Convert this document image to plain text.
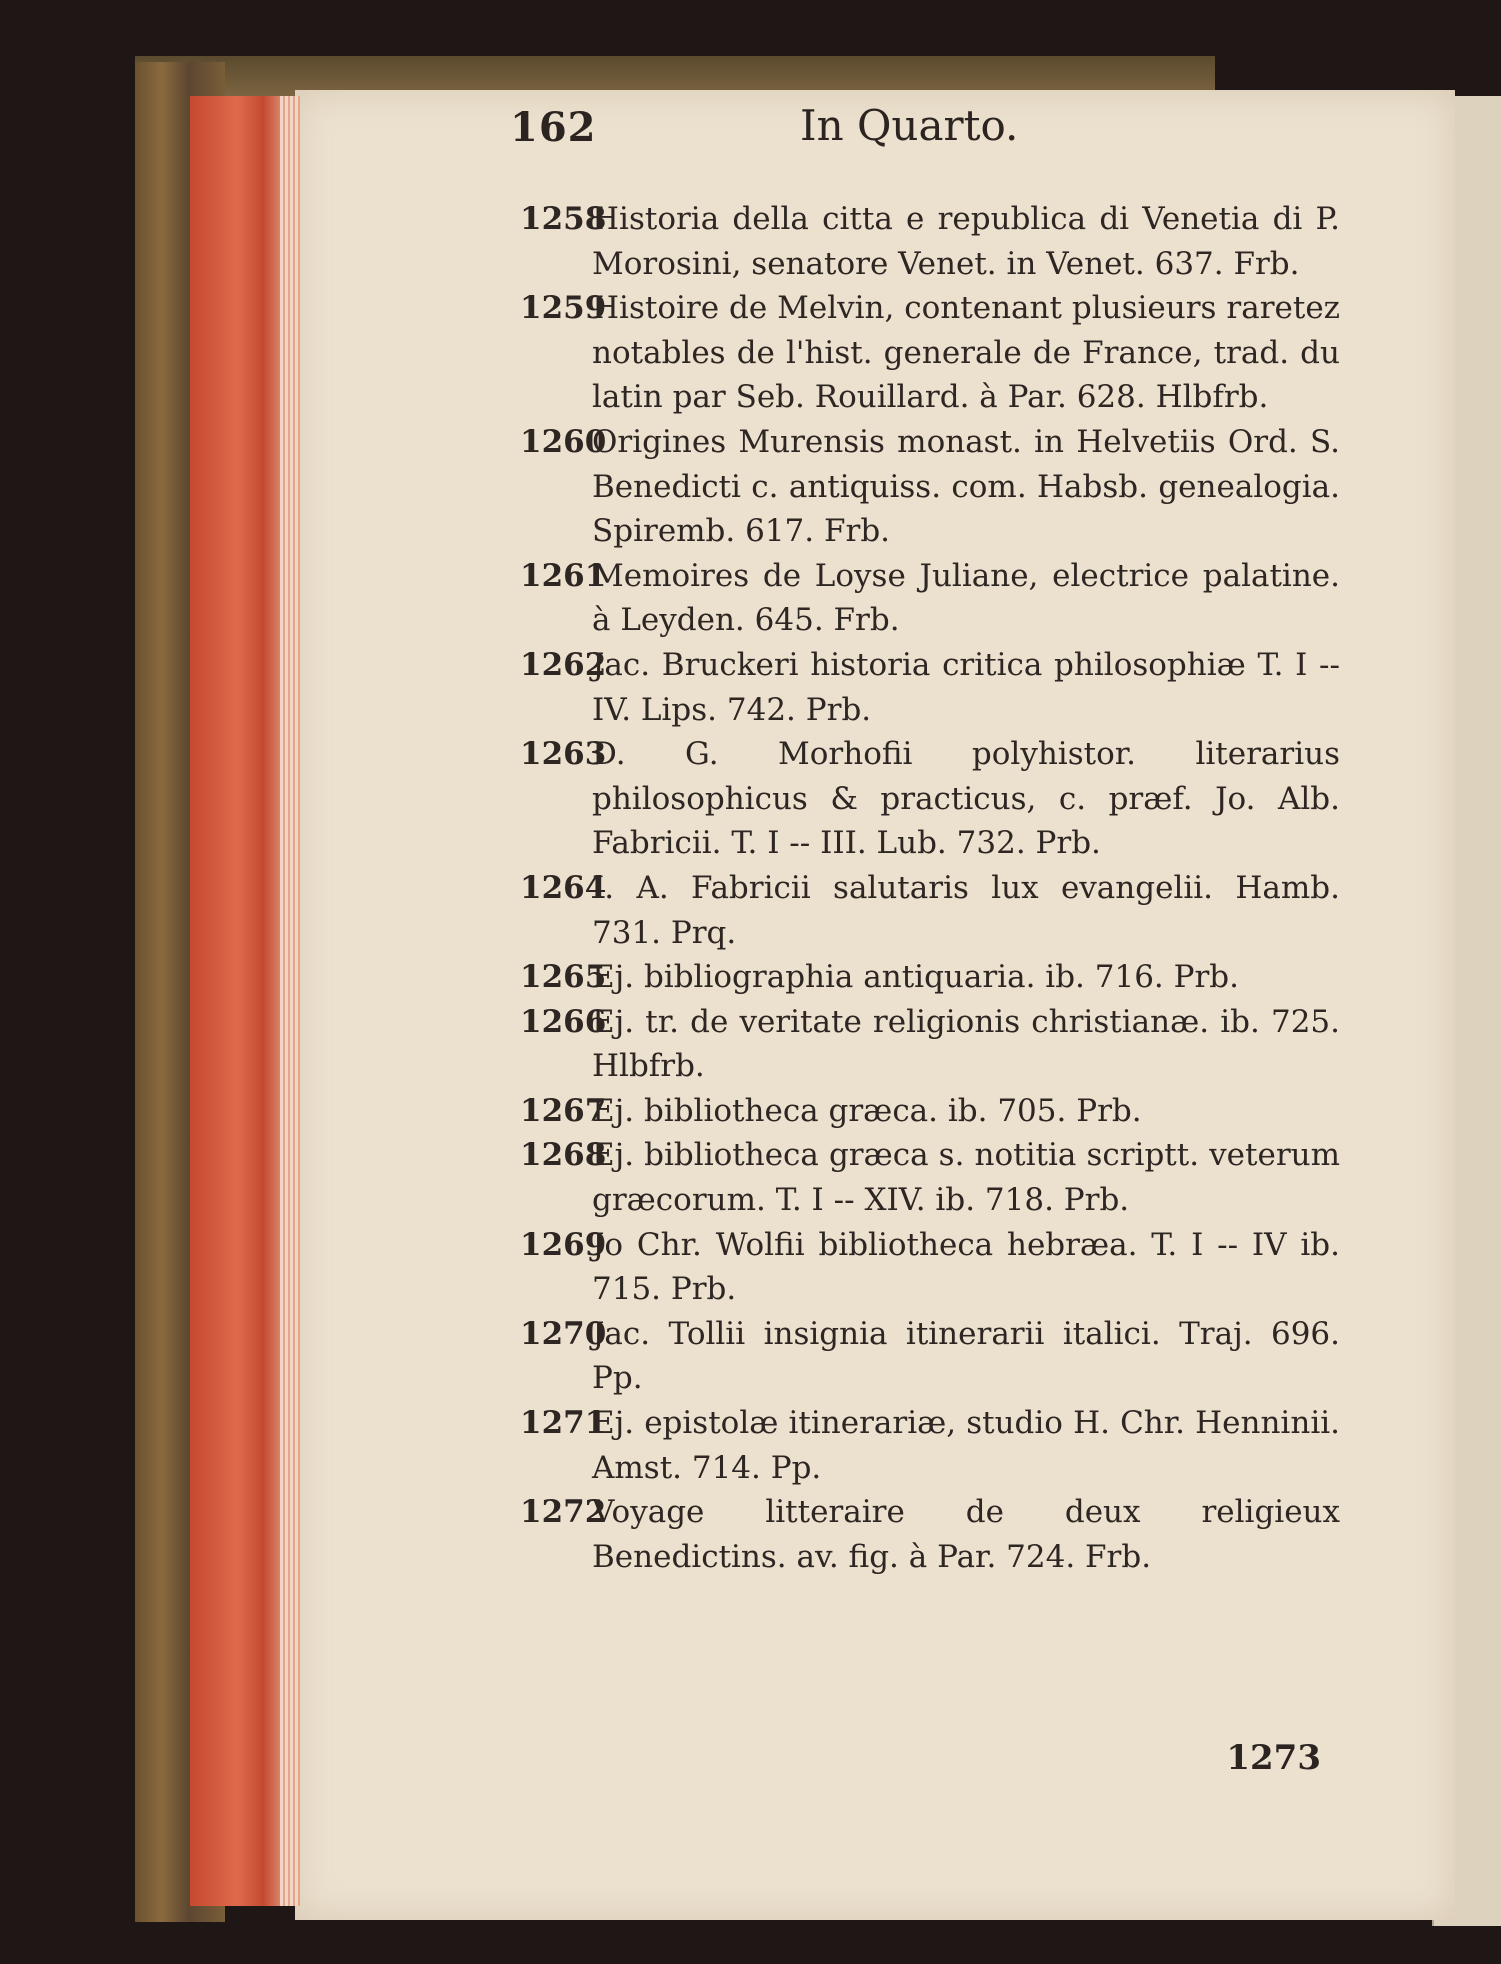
162	In Quarto.
1258
Historia della citta e republica di Venetia di P. Morosini, senatore Venet. in Venet. 637. Frb.
1259
Histoire de Melvin, contenant plusieurs raretez notables de l'hist. generale de France, trad. du latin par Seb. Rouillard. à Par. 628. Hlbfrb.
1260
Origines Murensis monast. in Helvetiis Ord. S. Benedicti c. antiquiss. com. Habsb. genealogia. Spiremb. 617. Frb.
1261
Memoires de Loyse Juliane, electrice palatine. à Leyden. 645. Frb.
1262
Jac. Bruckeri historia critica philosophiæ T. I -- IV. Lips. 742. Prb.
1263
D. G. Morhofii polyhistor. literarius philosophicus & practicus, c. præf. Jo. Alb. Fabricii. T. I -- III. Lub. 732. Prb.
1264
I. A. Fabricii salutaris lux evangelii. Hamb. 731. Prq.
1265
Ej. bibliographia antiquaria. ib. 716. Prb.
1266
Ej. tr. de veritate religionis christianæ. ib. 725. Hlbfrb.
1267
Ej. bibliotheca græca. ib. 705. Prb.
1268
Ej. bibliotheca græca s. notitia scriptt. veterum græcorum. T. I -- XIV. ib. 718. Prb.
1269
Jo Chr. Wolfii bibliotheca hebræa. T. I -- IV ib. 715. Prb.
1270
Jac. Tollii insignia itinerarii italici. Traj. 696. Pp.
1271
Ej. epistolæ itinerariæ, studio H. Chr. Henninii. Amst. 714. Pp.
1272
Voyage litteraire de deux religieux Benedictins. av. fig. à Par. 724. Frb.
1273
